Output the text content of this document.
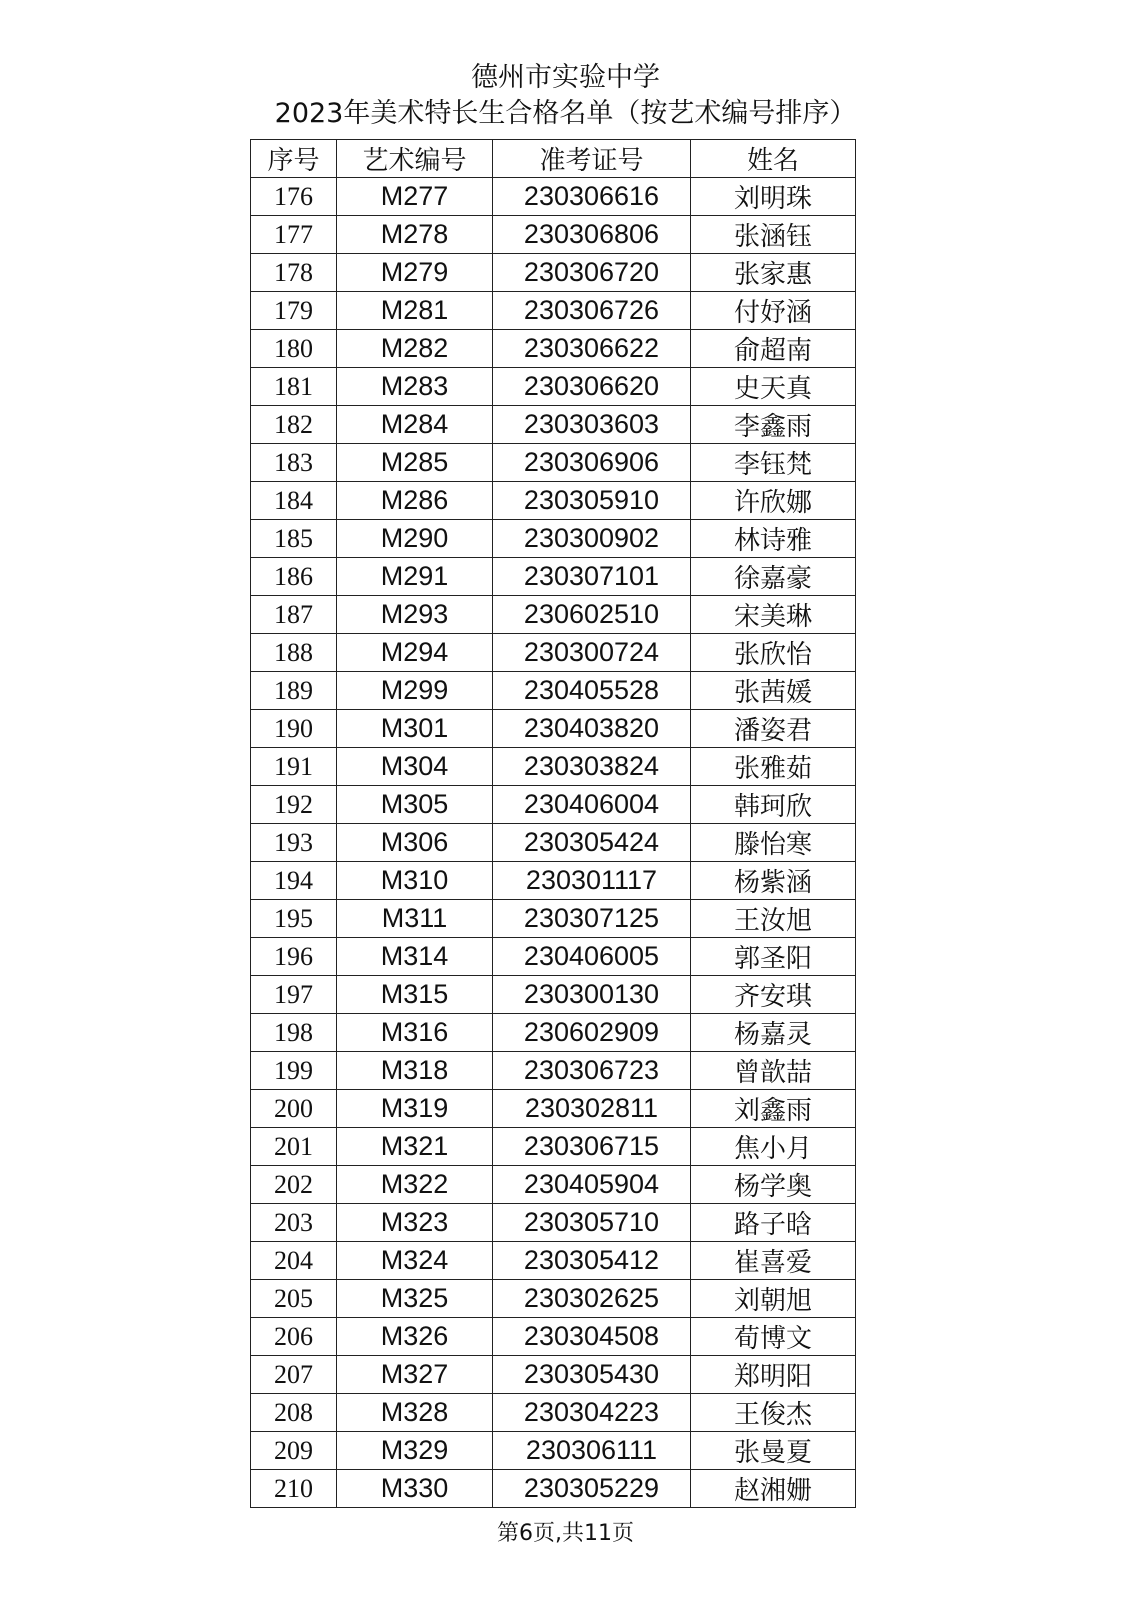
德州市实验中学
2023年美术特长生合格名单（按艺术编号排序）
序号	艺术编号	准考证号	姓名
176	M277	230306616	刘明珠
177	M278	230306806	张涵钰
178	M279	230306720	张家惠
179	M281	230306726	付妤涵
180	M282	230306622	俞超南
181	M283	230306620	史天真
182	M284	230303603	李鑫雨
183	M285	230306906	李钰梵
184	M286	230305910	许欣娜
185	M290	230300902	林诗雅
186	M291	230307101	徐嘉豪
187	M293	230602510	宋美琳
188	M294	230300724	张欣怡
189	M299	230405528	张茜媛
190	M301	230403820	潘姿君
191	M304	230303824	张雅茹
192	M305	230406004	韩珂欣
193	M306	230305424	滕怡寒
194	M310	230301117	杨紫涵
195	M311	230307125	王汝旭
196	M314	230406005	郭圣阳
197	M315	230300130	齐安琪
198	M316	230602909	杨嘉灵
199	M318	230306723	曾歆喆
200	M319	230302811	刘鑫雨
201	M321	230306715	焦小月
202	M322	230405904	杨学奥
203	M323	230305710	路子晗
204	M324	230305412	崔喜爱
205	M325	230302625	刘朝旭
206	M326	230304508	荀博文
207	M327	230305430	郑明阳
208	M328	230304223	王俊杰
209	M329	230306111	张曼夏
210	M330	230305229	赵湘姗
第6页,共11页
